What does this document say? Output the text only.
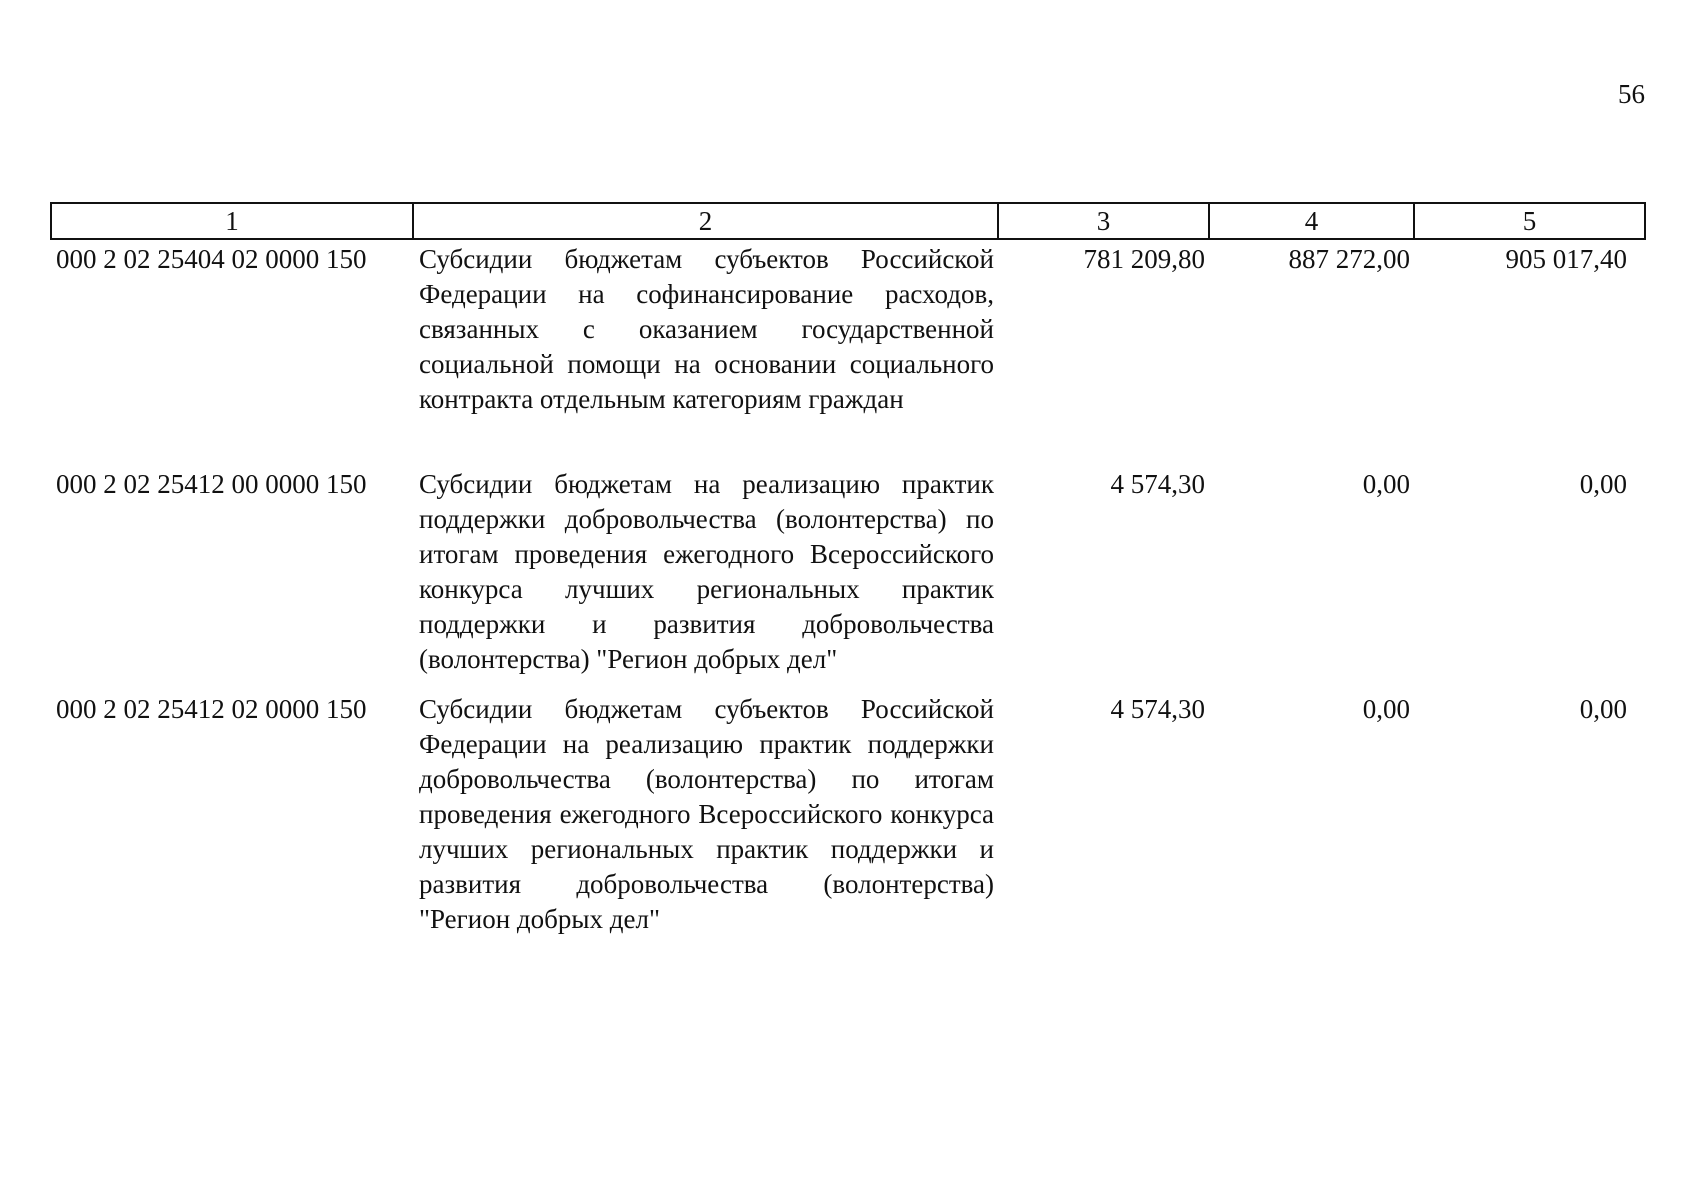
56
1	2	3	4	5
000 2 02 25404 02 0000 150	Субсидии бюджетам субъектов Российской Федерации на софинансирование расходов, связанных с оказанием государственной социальной помощи на основании социального контракта отдельным категориям граждан	781 209,80	887 272,00	905 017,40
000 2 02 25412 00 0000 150	Субсидии бюджетам на реализацию практик поддержки добровольчества (волонтерства) по итогам проведения ежегодного Всероссийского конкурса лучших региональных практик поддержки и развития добровольчества (волонтерства) "Регион добрых дел"	4 574,30	0,00	0,00
000 2 02 25412 02 0000 150	Субсидии бюджетам субъектов Российской Федерации на реализацию практик поддержки добровольчества (волонтерства) по итогам проведения ежегодного Всероссийского конкурса лучших региональных практик поддержки и развития добровольчества (волонтерства) "Регион добрых дел"	4 574,30	0,00	0,00
